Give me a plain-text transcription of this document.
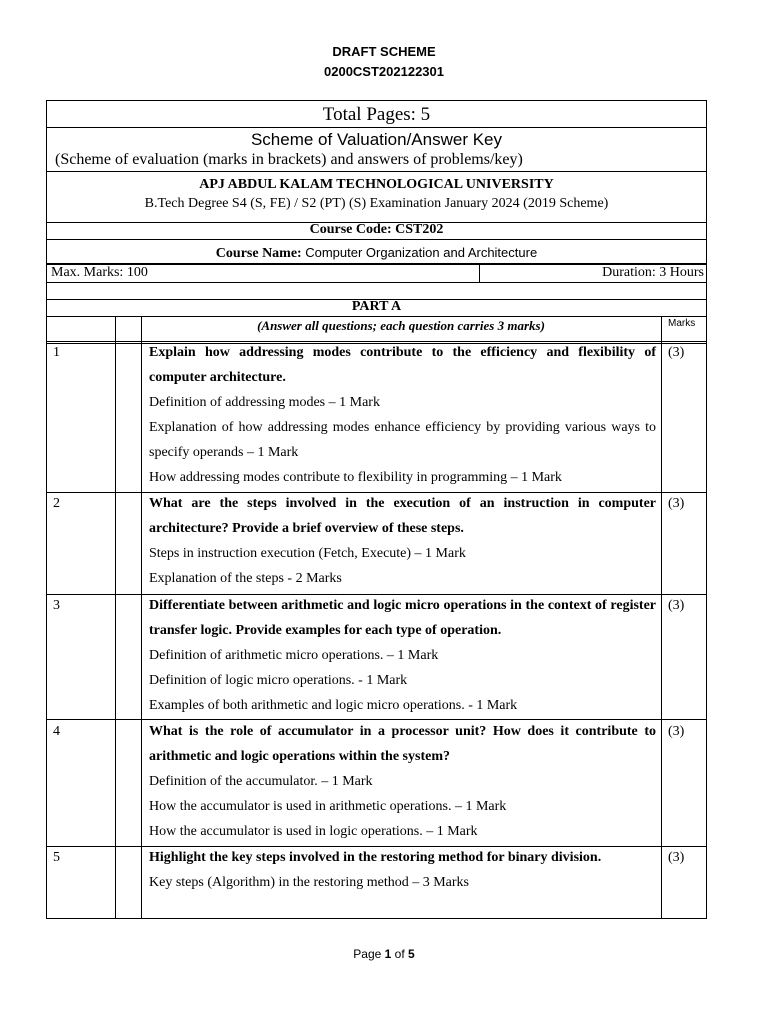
DRAFT SCHEME
0200CST202122301
Total Pages: 5
Scheme of Valuation/Answer Key
(Scheme of evaluation (marks in brackets) and answers of problems/key)
APJ ABDUL KALAM TECHNOLOGICAL UNIVERSITY
B.Tech Degree S4 (S, FE) / S2 (PT) (S) Examination January 2024 (2019 Scheme)
Course Code: CST202
Course Name: Computer Organization and Architecture
Max. Marks: 100	Duration: 3 Hours
PART A
(Answer all questions; each question carries 3 marks)	Marks
1	Explain how addressing modes contribute to the efficiency and flexibility of computer architecture.
Definition of addressing modes – 1 Mark
Explanation of how addressing modes enhance efficiency by providing various ways to specify operands – 1 Mark
How addressing modes contribute to flexibility in programming – 1 Mark
(3)
2	What are the steps involved in the execution of an instruction in computer architecture? Provide a brief overview of these steps.
Steps in instruction execution (Fetch, Execute) – 1 Mark
Explanation of the steps - 2 Marks
(3)
3	Differentiate between arithmetic and logic micro operations in the context of register transfer logic. Provide examples for each type of operation.
Definition of arithmetic micro operations. – 1 Mark
Definition of logic micro operations. - 1 Mark
Examples of both arithmetic and logic micro operations. - 1 Mark
(3)
4	What is the role of accumulator in a processor unit? How does it contribute to arithmetic and logic operations within the system?
Definition of the accumulator. – 1 Mark
How the accumulator is used in arithmetic operations. – 1 Mark
How the accumulator is used in logic operations. – 1 Mark
(3)
5	Highlight the key steps involved in the restoring method for binary division.
Key steps (Algorithm) in the restoring method – 3 Marks
(3)
Page 1 of 5
